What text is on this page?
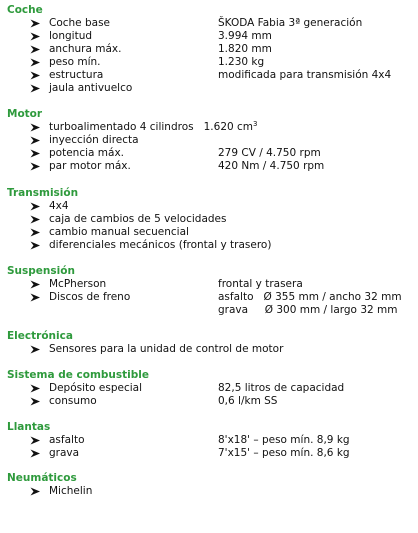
Coche
Coche base	ŠKODA Fabia 3ª generación
longitud	3.994 mm
anchura máx.	1.820 mm
peso mín.	1.230 kg
estructura	modificada para transmisión 4x4
jaula antivuelco
Motor
turboalimentado 4 cilindros 1.620 $cm^3$
inyección directa
potencia máx.	279 CV / 4.750 rpm
par motor máx.	420 Nm / 4.750 rpm
Transmisión
4x4
caja de cambios de 5 velocidades
cambio manual secuencial
diferenciales mecánicos (frontal y trasero)
Suspensión
McPherson	frontal y trasera
Discos de freno	asfalto   Ø 355 mm / ancho 32 mm
grava     Ø 300 mm / largo 32 mm
Electrónica
Sensores para la unidad de control de motor
Sistema de combustible
Depósito especial	82,5 litros de capacidad
consumo	0,6 l/km SS
Llantas
asfalto	8'x18' – peso mín. 8,9 kg
grava	7'x15' – peso mín. 8,6 kg
Neumáticos
Michelin
